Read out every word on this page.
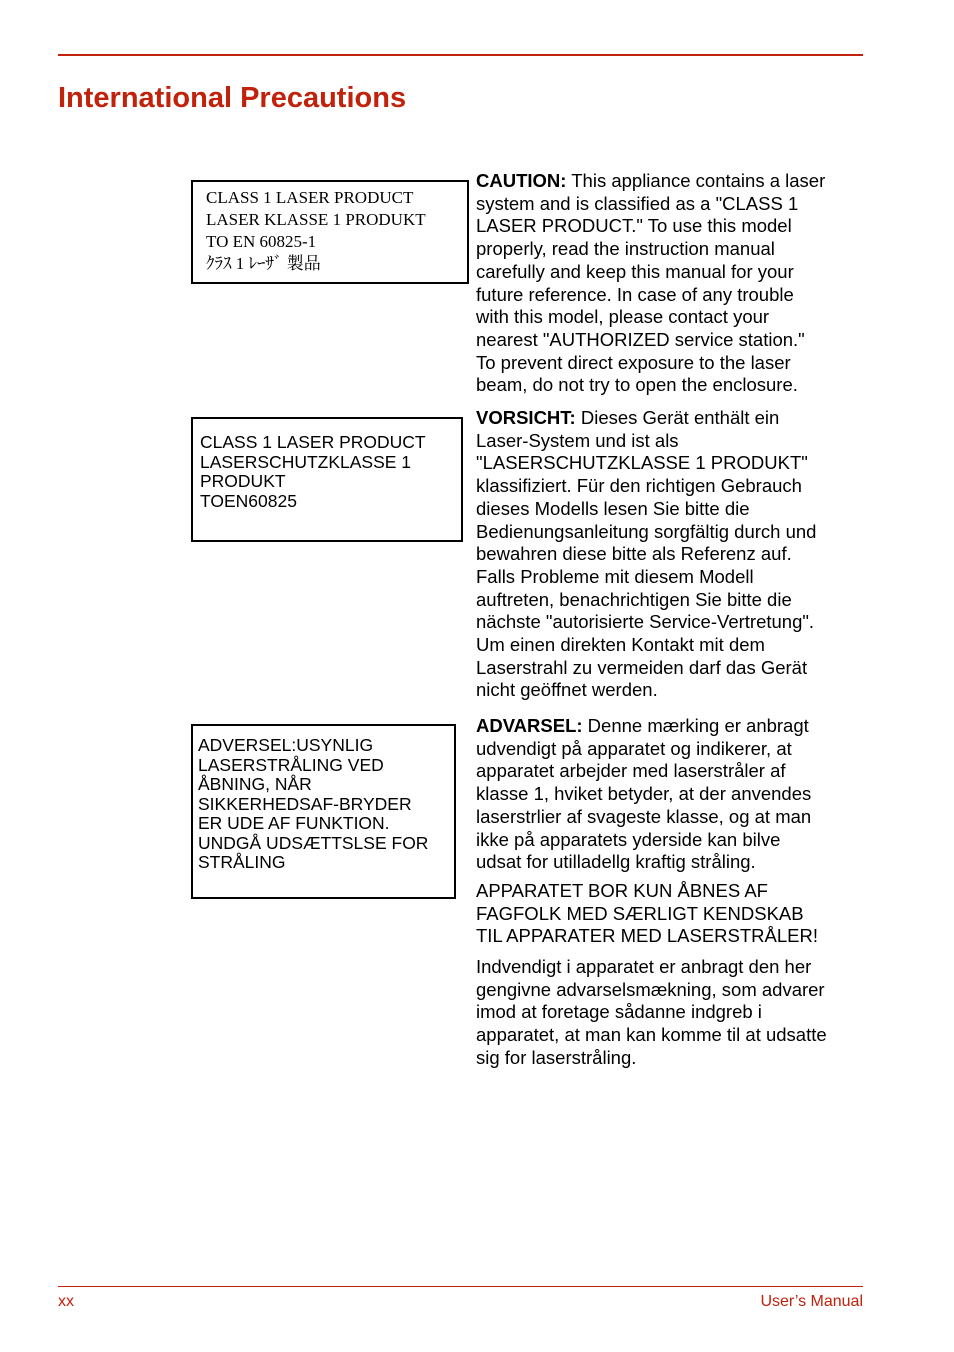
International Precautions
CLASS 1 LASER PRODUCT
LASER KLASSE 1 PRODUKT
TO EN 60825-1
ｸﾗｽ 1 ﾚｰｻﾞ 製品
CLASS 1 LASER PRODUCT
LASERSCHUTZKLASSE 1
PRODUKT
TOEN60825
ADVERSEL:USYNLIG
LASERSTRÅLING VED
ÅBNING, NÅR
SIKKERHEDSAF-BRYDER
ER UDE AF FUNKTION.
UNDGÅ UDSÆTTSLSE FOR
STRÅLING

CAUTION: This appliance contains a laser
system and is classified as a "CLASS 1
LASER PRODUCT." To use this model
properly, read the instruction manual
carefully and keep this manual for your
future reference. In case of any trouble
with this model, please contact your
nearest "AUTHORIZED service station."
To prevent direct exposure to the laser
beam, do not try to open the enclosure.

VORSICHT: Dieses Gerät enthält ein
Laser-System und ist als
"LASERSCHUTZKLASSE 1 PRODUKT"
klassifiziert. Für den richtigen Gebrauch
dieses Modells lesen Sie bitte die
Bedienungsanleitung sorgfältig durch und
bewahren diese bitte als Referenz auf.
Falls Probleme mit diesem Modell
auftreten, benachrichtigen Sie bitte die
nächste "autorisierte Service-Vertretung".
Um einen direkten Kontakt mit dem
Laserstrahl zu vermeiden darf das Gerät
nicht geöffnet werden.

ADVARSEL: Denne mærking er anbragt
udvendigt på apparatet og indikerer, at
apparatet arbejder med laserstråler af
klasse 1, hviket betyder, at der anvendes
laserstrlier af svageste klasse, og at man
ikke på apparatets yderside kan bilve
udsat for utilladellg kraftig stråling.

APPARATET BOR KUN ÅBNES AF
FAGFOLK MED SÆRLIGT KENDSKAB
TIL APPARATER MED LASERSTRÅLER!

Indvendigt i apparatet er anbragt den her
gengivne advarselsmækning, som advarer
imod at foretage sådanne indgreb i
apparatet, at man kan komme til at udsatte
sig for laserstråling.

xx	User’s Manual
